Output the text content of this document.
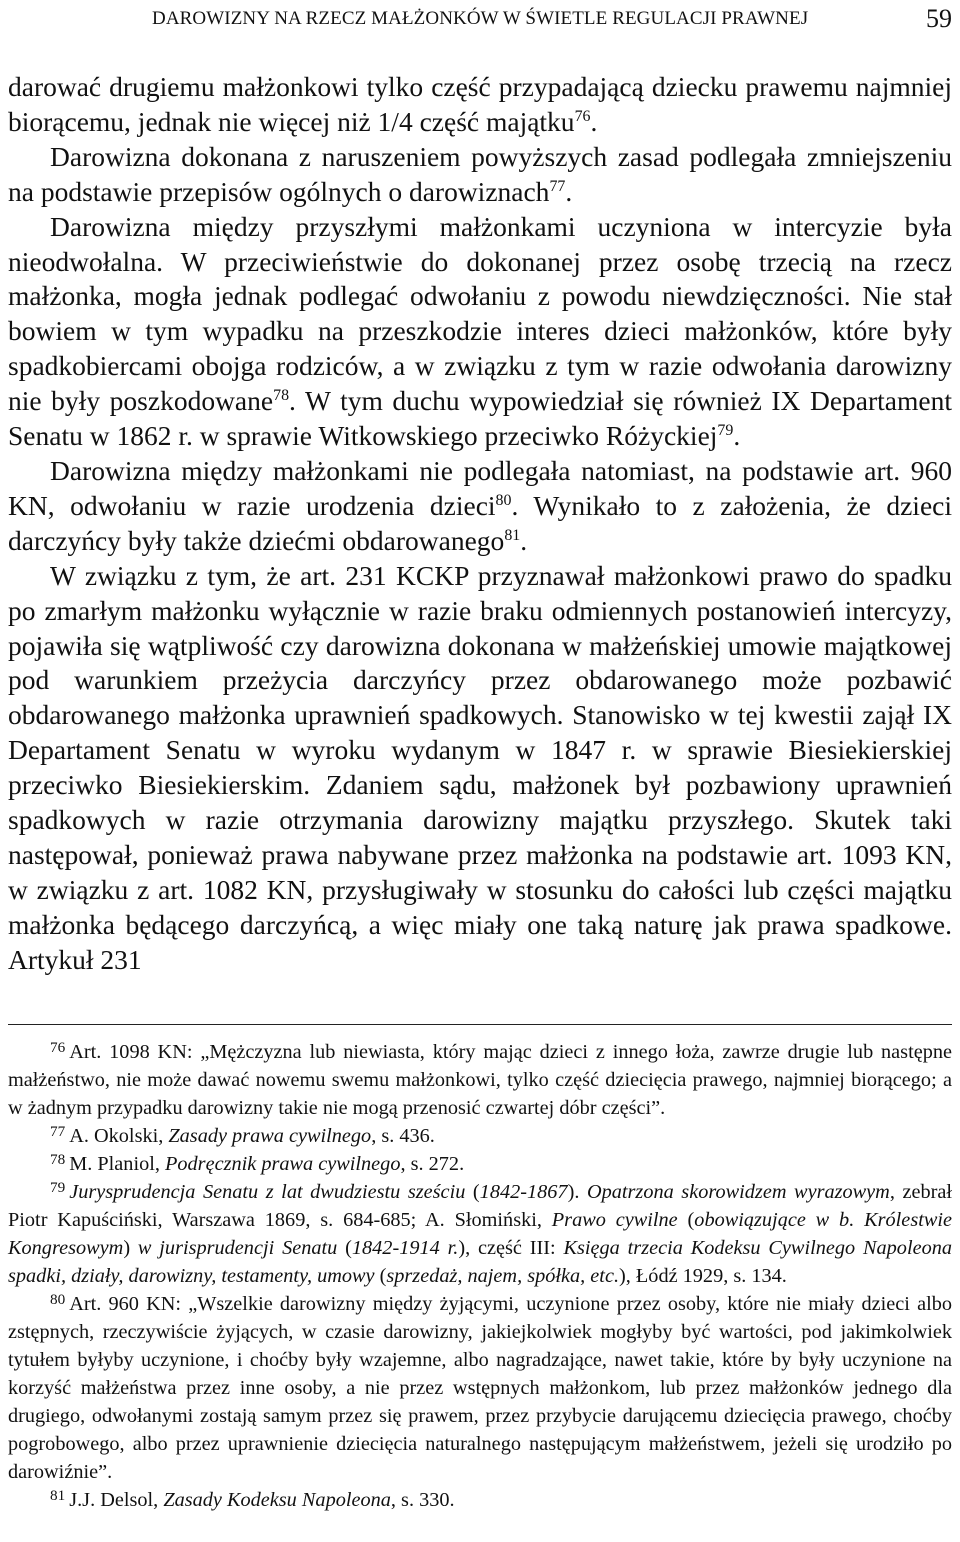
DAROWIZNY NA RZECZ MAŁŻONKÓW W ŚWIETLE REGULACJI PRAWNEJ	59

darować drugiemu małżonkowi tylko część przypadającą dziecku prawemu najmniej biorącemu, jednak nie więcej niż 1/4 część majątku$^{76}$.

Darowizna dokonana z naruszeniem powyższych zasad podlegała zmniejszeniu na podstawie przepisów ogólnych o darowiznach$^{77}$.

Darowizna między przyszłymi małżonkami uczyniona w intercyzie była nieodwołalna. W przeciwieństwie do dokonanej przez osobę trzecią na rzecz małżonka, mogła jednak podlegać odwołaniu z powodu niewdzięczności. Nie stał bowiem w tym wypadku na przeszkodzie interes dzieci małżonków, które były spadkobiercami obojga rodziców, a w związku z tym w razie odwołania darowizny nie były poszkodowane$^{78}$. W tym duchu wypowiedział się również IX Departament Senatu w 1862 r. w sprawie Witkowskiego przeciwko Różyckiej$^{79}$.

Darowizna między małżonkami nie podlegała natomiast, na podstawie art. 960 KN, odwołaniu w razie urodzenia dzieci$^{80}$. Wynikało to z założenia, że dzieci darczyńcy były także dziećmi obdarowanego$^{81}$.

W związku z tym, że art. 231 KCKP przyznawał małżonkowi prawo do spadku po zmarłym małżonku wyłącznie w razie braku odmiennych postanowień intercyzy, pojawiła się wątpliwość czy darowizna dokonana w małżeńskiej umowie majątkowej pod warunkiem przeżycia darczyńcy przez obdarowanego może pozbawić obdarowanego małżonka uprawnień spadkowych. Stanowisko w tej kwestii zajął IX Departament Senatu w wyroku wydanym w 1847 r. w sprawie Biesiekierskiej przeciwko Biesiekierskim. Zdaniem sądu, małżonek był pozbawiony uprawnień spadkowych w razie otrzymania darowizny majątku przyszłego. Skutek taki następował, ponieważ prawa nabywane przez małżonka na podstawie art. 1093 KN, w związku z art. 1082 KN, przysługiwały w stosunku do całości lub części majątku małżonka będącego darczyńcą, a więc miały one taką naturę jak prawa spadkowe. Artykuł 231

$^{76}$ Art. 1098 KN: „Mężczyzna lub niewiasta, który mając dzieci z innego łoża, zawrze drugie lub następne małżeństwo, nie może dawać nowemu swemu małżonkowi, tylko część dziecięcia prawego, najmniej biorącego; a w żadnym przypadku darowizny takie nie mogą przenosić czwartej dóbr części”.

$^{77}$ A. Okolski, Zasady prawa cywilnego, s. 436.

$^{78}$ M. Planiol, Podręcznik prawa cywilnego, s. 272.

$^{79}$ Jurysprudencja Senatu z lat dwudziestu sześciu (1842-1867). Opatrzona skorowidzem wyrazowym, zebrał Piotr Kapuściński, Warszawa 1869, s. 684-685; A. Słomiński, Prawo cywilne (obowiązujące w b. Królestwie Kongresowym) w jurisprudencji Senatu (1842-1914 r.), część III: Księga trzecia Kodeksu Cywilnego Napoleona spadki, działy, darowizny, testamenty, umowy (sprzedaż, najem, spółka, etc.), Łódź 1929, s. 134.

$^{80}$ Art. 960 KN: „Wszelkie darowizny między żyjącymi, uczynione przez osoby, które nie miały dzieci albo zstępnych, rzeczywiście żyjących, w czasie darowizny, jakiejkolwiek mogłyby być wartości, pod jakimkolwiek tytułem byłyby uczynione, i choćby były wzajemne, albo nagradzające, nawet takie, które by były uczynione na korzyść małżeństwa przez inne osoby, a nie przez wstępnych małżonkom, lub przez małżonków jednego dla drugiego, odwołanymi zostają samym przez się prawem, przez przybycie darującemu dziecięcia prawego, choćby pogrobowego, albo przez uprawnienie dziecięcia naturalnego następującym małżeństwem, jeżeli się urodziło po darowiźnie”.

$^{81}$ J.J. Delsol, Zasady Kodeksu Napoleona, s. 330.
